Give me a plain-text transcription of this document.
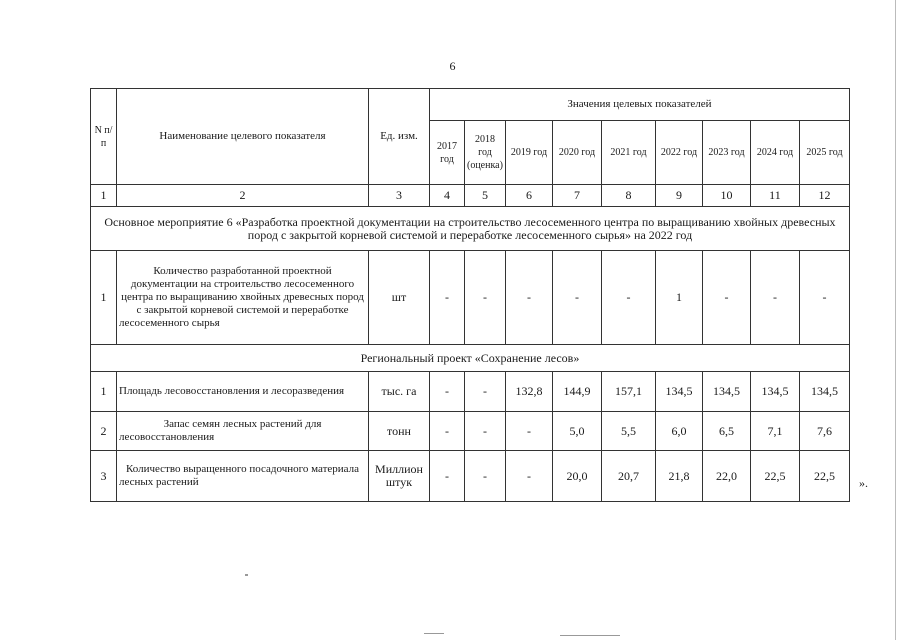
6
N п/п	Наименование целевого показателя	Ед. изм.	Значения целевых показателей								
			2017 год	2018 год (оценка)	2019 год	2020 год	2021 год	2022 год	2023 год	2024 год	2025 год
1	2	3	4	5	6	7	8	9	10	11	12
Основное мероприятие 6 «Разработка проектной документации на строительство лесосеменного центра по выращиванию хвойных древесных пород с закрытой корневой системой и переработке лесосеменного сырья» на 2022 год											
1	Количество разработанной проектной документации на строительство лесосеменного центра по выращиванию хвойных древесных пород с закрытой корневой системой и переработке лесосеменного сырья	шт	-	-	-	-	-	1	-	-	-
Региональный проект «Сохранение лесов»											
1	Площадь лесовосстановления и лесоразведения	тыс. га	-	-	132,8	144,9	157,1	134,5	134,5	134,5	134,5
2	Запас семян лесных растений для лесовосстановления	тонн	-	-	-	5,0	5,5	6,0	6,5	7,1	7,6
3	Количество выращенного посадочного материала лесных растений	Миллион штук	-	-	-	20,0	20,7	21,8	22,0	22,5	22,5
».
